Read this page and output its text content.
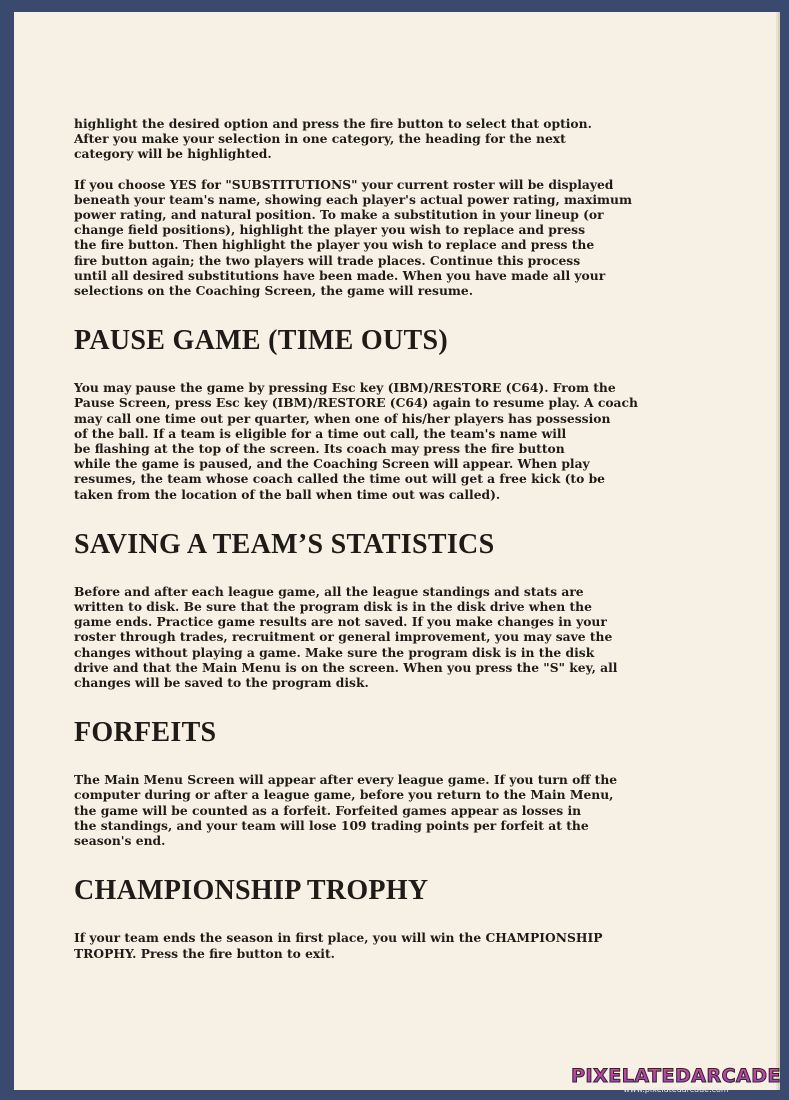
highlight the desired option and press the fire button to select that option.
After you make your selection in one category, the heading for the next
category will be highlighted.

If you choose YES for "SUBSTITUTIONS" your current roster will be displayed
beneath your team's name, showing each player's actual power rating, maximum
power rating, and natural position. To make a substitution in your lineup (or
change field positions), highlight the player you wish to replace and press
the fire button. Then highlight the player you wish to replace and press the
fire button again; the two players will trade places. Continue this process
until all desired substitutions have been made. When you have made all your
selections on the Coaching Screen, the game will resume.

PAUSE GAME (TIME OUTS)

You may pause the game by pressing Esc key (IBM)/RESTORE (C64). From the
Pause Screen, press Esc key (IBM)/RESTORE (C64) again to resume play. A coach
may call one time out per quarter, when one of his/her players has possession
of the ball. If a team is eligible for a time out call, the team's name will
be flashing at the top of the screen. Its coach may press the fire button
while the game is paused, and the Coaching Screen will appear. When play
resumes, the team whose coach called the time out will get a free kick (to be
taken from the location of the ball when time out was called).

SAVING A TEAM’S STATISTICS

Before and after each league game, all the league standings and stats are
written to disk. Be sure that the program disk is in the disk drive when the
game ends. Practice game results are not saved. If you make changes in your
roster through trades, recruitment or general improvement, you may save the
changes without playing a game. Make sure the program disk is in the disk
drive and that the Main Menu is on the screen. When you press the "S" key, all
changes will be saved to the program disk.

FORFEITS

The Main Menu Screen will appear after every league game. If you turn off the
computer during or after a league game, before you return to the Main Menu,
the game will be counted as a forfeit. Forfeited games appear as losses in
the standings, and your team will lose 109 trading points per forfeit at the
season's end.

CHAMPIONSHIP TROPHY

If your team ends the season in first place, you will win the CHAMPIONSHIP
TROPHY. Press the fire button to exit.

PIXELATEDARCADE
www.pixelatedarcade.com
